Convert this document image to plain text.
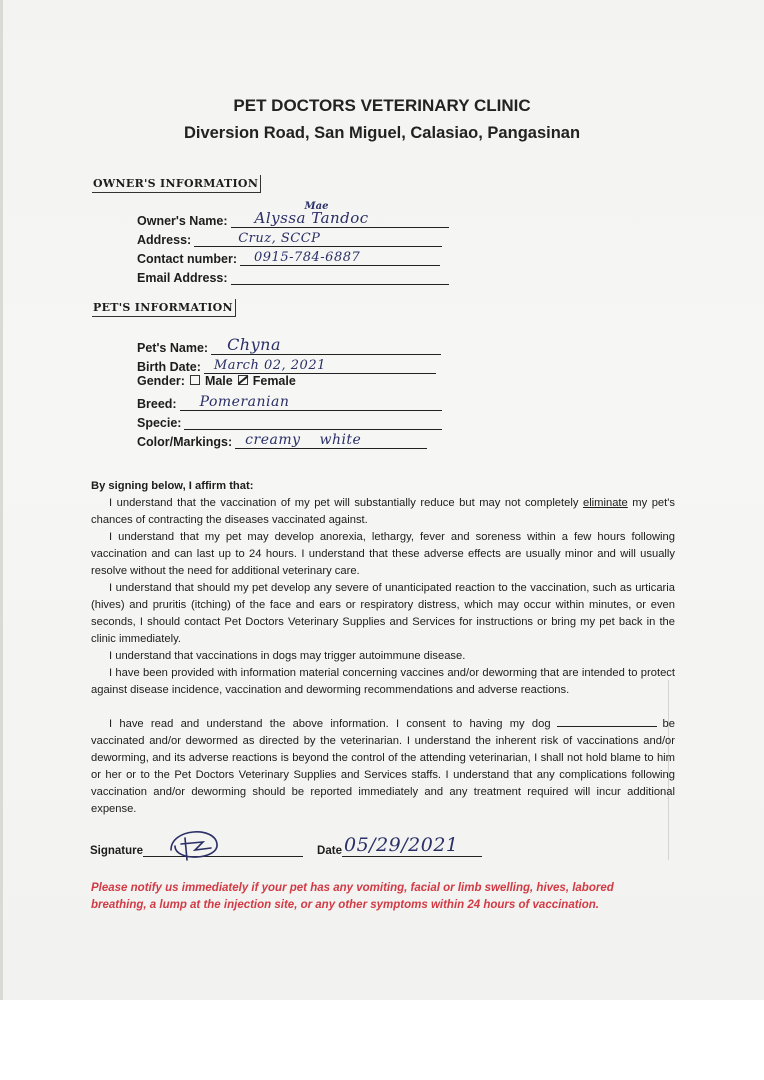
PET DOCTORS VETERINARY CLINIC
Diversion Road, San Miguel, Calasiao, Pangasinan
OWNER'S INFORMATION
Owner's Name: Alyssa Tandoc
Mae
Address:	Cruz, SCCP
Contact number: 0915-784-6887
Email Address:
PET'S INFORMATION
Pet's Name: Chyna
Birth Date: March 02, 2021
Gender: Male Female
Breed: Pomeranian
Specie:
Color/Markings: creamy white
By signing below, I affirm that:
I understand that the vaccination of my pet will substantially reduce but may not completely eliminate my pet's chances of contracting the diseases vaccinated against.
I understand that my pet may develop anorexia, lethargy, fever and soreness within a few hours following vaccination and can last up to 24 hours. I understand that these adverse effects are usually minor and will usually resolve without the need for additional veterinary care.
I understand that should my pet develop any severe of unanticipated reaction to the vaccination, such as urticaria (hives) and pruritis (itching) of the face and ears or respiratory distress, which may occur within minutes, or even seconds, I should contact Pet Doctors Veterinary Supplies and Services for instructions or bring my pet back in the clinic immediately.
I understand that vaccinations in dogs may trigger autoimmune disease.
I have been provided with information material concerning vaccines and/or deworming that are intended to protect against disease incidence, vaccination and deworming recommendations and adverse reactions.
I have read and understand the above information. I consent to having my dog	be vaccinated and/or dewormed as directed by the veterinarian. I understand the inherent risk of vaccinations and/or deworming, and its adverse reactions is beyond the control of the attending veterinarian, I shall not hold blame to him or her or to the Pet Doctors Veterinary Supplies and Services staffs. I understand that any complications following vaccination and/or deworming should be reported immediately and any treatment required will incur additional expense.
Signature	Date 05/29/2021
Please notify us immediately if your pet has any vomiting, facial or limb swelling, hives, labored breathing, a lump at the injection site, or any other symptoms within 24 hours of vaccination.
